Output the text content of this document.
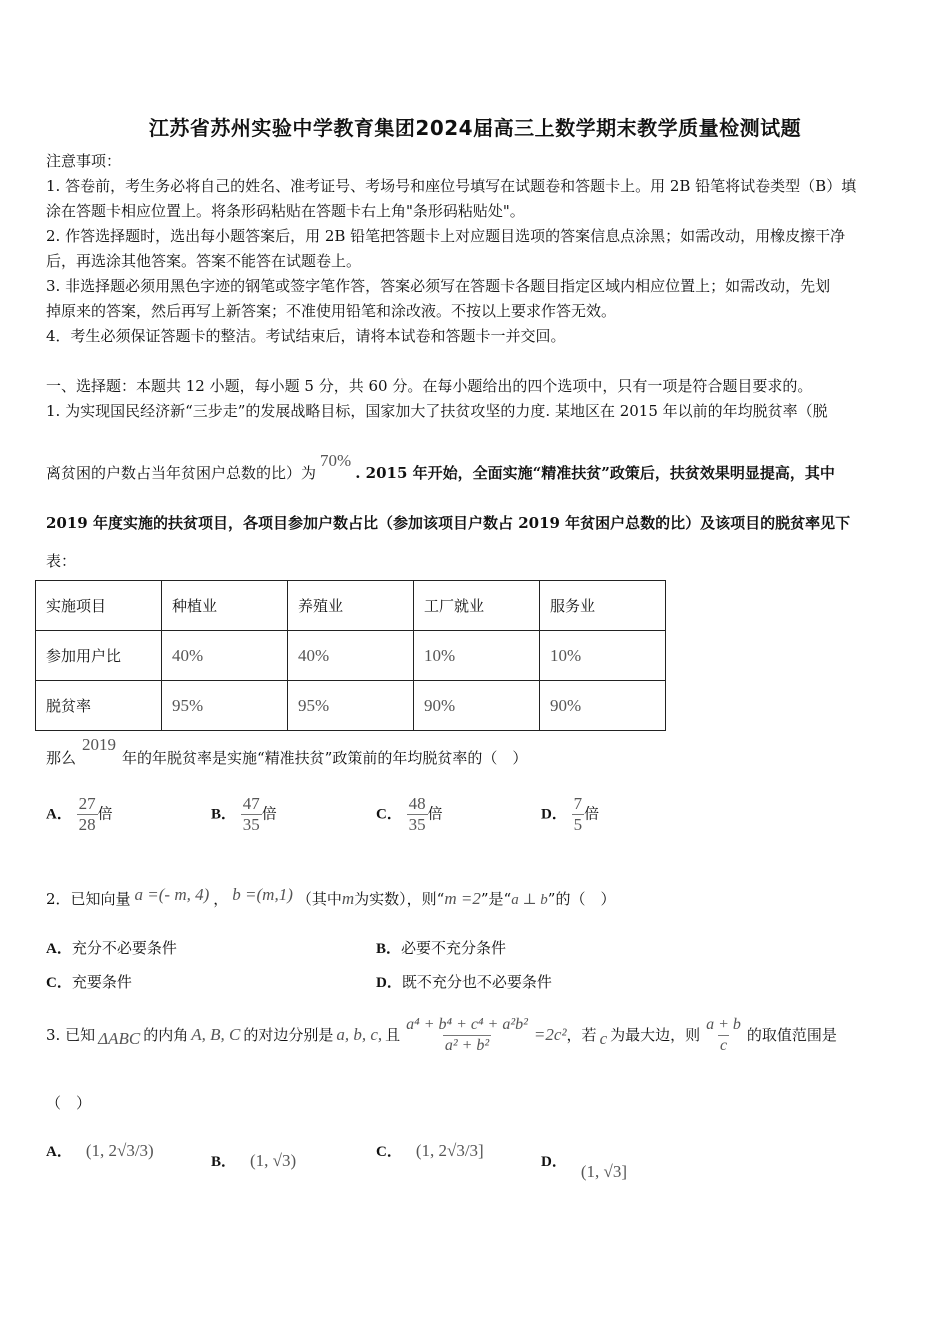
江苏省苏州实验中学教育集团2024届高三上数学期末教学质量检测试题
注意事项：
1. 答卷前，考生务必将自己的姓名、准考证号、考场号和座位号填写在试题卷和答题卡上。用 2B 铅笔将试卷类型（B）填
涂在答题卡相应位置上。将条形码粘贴在答题卡右上角"条形码粘贴处"。
2. 作答选择题时，选出每小题答案后，用 2B 铅笔把答题卡上对应题目选项的答案信息点涂黑；如需改动，用橡皮擦干净
后，再选涂其他答案。答案不能答在试题卷上。
3. 非选择题必须用黑色字迹的钢笔或签字笔作答，答案必须写在答题卡各题目指定区域内相应位置上；如需改动，先划
掉原来的答案，然后再写上新答案；不准使用铅笔和涂改液。不按以上要求作答无效。
4．考生必须保证答题卡的整洁。考试结束后，请将本试卷和答题卡一并交回。
一、选择题：本题共 12 小题，每小题 5 分，共 60 分。在每小题给出的四个选项中，只有一项是符合题目要求的。
1. 为实现国民经济新“三步走”的发展战略目标，国家加大了扶贫攻坚的力度. 某地区在 2015 年以前的年均脱贫率（脱
离贫困的户数占当年贫困户总数的比）为70%. 2015 年开始，全面实施“精准扶贫”政策后，扶贫效果明显提高，其中
2019 年度实施的扶贫项目，各项目参加户数占比（参加该项目户数占 2019 年贫困户总数的比）及该项目的脱贫率见下
表：
实施项目	种植业	养殖业	工厂就业	服务业
参加用户比	40%	40%	10%	10%
脱贫率	95%	95%	90%	90%
那么2019年的年脱贫率是实施“精准扶贫”政策前的年均脱贫率的（　）
A． $\frac{27}{28}$ 倍	B． $\frac{47}{35}$ 倍	C． $\frac{48}{35}$ 倍	D． $\frac{7}{5}$ 倍
2．已知向量 a =(- m, 4) ， b =(m,1) （其中m为实数），则“m =2”是“a ⊥ b”的（　）
A．充分不必要条件	B．必要不充分条件
C．充要条件	D．既不充分也不必要条件
3. 已知 ΔABC 的内角 A, B, C 的对边分别是 a, b, c, 且 $\frac{\text{a⁴ + b⁴ + c⁴ + a²b²}}{\text{a² + b²}} =2c^2$ ，若 c 为最大边，则 $\frac{a + b}{c}$ 的取值范围是
（　）
A． (1, 2√3/3)
B． (1, √3)	C． (1, 2√3/3]
D． (1, √3]
